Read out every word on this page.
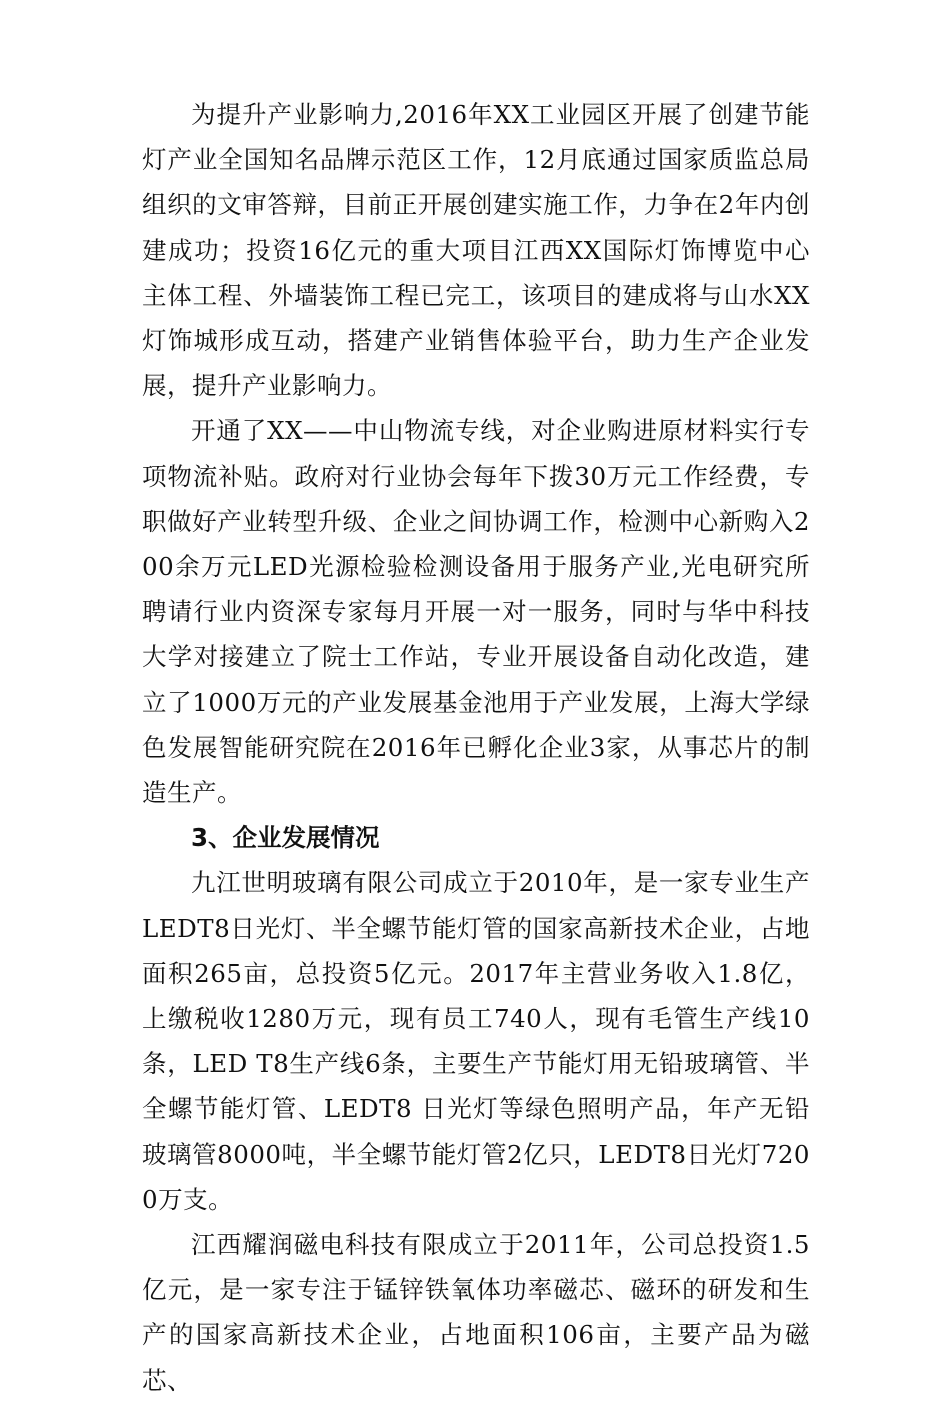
为提升产业影响力,2016年XX工业园区开展了创建节能灯产业全国知名品牌示范区工作，12月底通过国家质监总局组织的文审答辩，目前正开展创建实施工作，力争在2年内创建成功；投资16亿元的重大项目江西XX国际灯饰博览中心主体工程、外墙装饰工程已完工，该项目的建成将与山水XX灯饰城形成互动，搭建产业销售体验平台，助力生产企业发展，提升产业影响力。

开通了XX——中山物流专线，对企业购进原材料实行专项物流补贴。政府对行业协会每年下拨30万元工作经费，专职做好产业转型升级、企业之间协调工作，检测中心新购入200余万元LED光源检验检测设备用于服务产业,光电研究所聘请行业内资深专家每月开展一对一服务，同时与华中科技大学对接建立了院士工作站，专业开展设备自动化改造，建立了1000万元的产业发展基金池用于产业发展，上海大学绿色发展智能研究院在2016年已孵化企业3家，从事芯片的制造生产。

3、企业发展情况

九江世明玻璃有限公司成立于2010年，是一家专业生产LEDT8日光灯、半全螺节能灯管的国家高新技术企业，占地面积265亩，总投资5亿元。2017年主营业务收入1.8亿，上缴税收1280万元，现有员工740人，现有毛管生产线10条，LED T8生产线6条，主要生产节能灯用无铅玻璃管、半全螺节能灯管、LEDT8 日光灯等绿色照明产品，年产无铅玻璃管8000吨，半全螺节能灯管2亿只，LEDT8日光灯7200万支。

江西耀润磁电科技有限成立于2011年，公司总投资1.5亿元，是一家专注于锰锌铁氧体功率磁芯、磁环的研发和生产的国家高新技术企业，占地面积106亩，主要产品为磁芯、
